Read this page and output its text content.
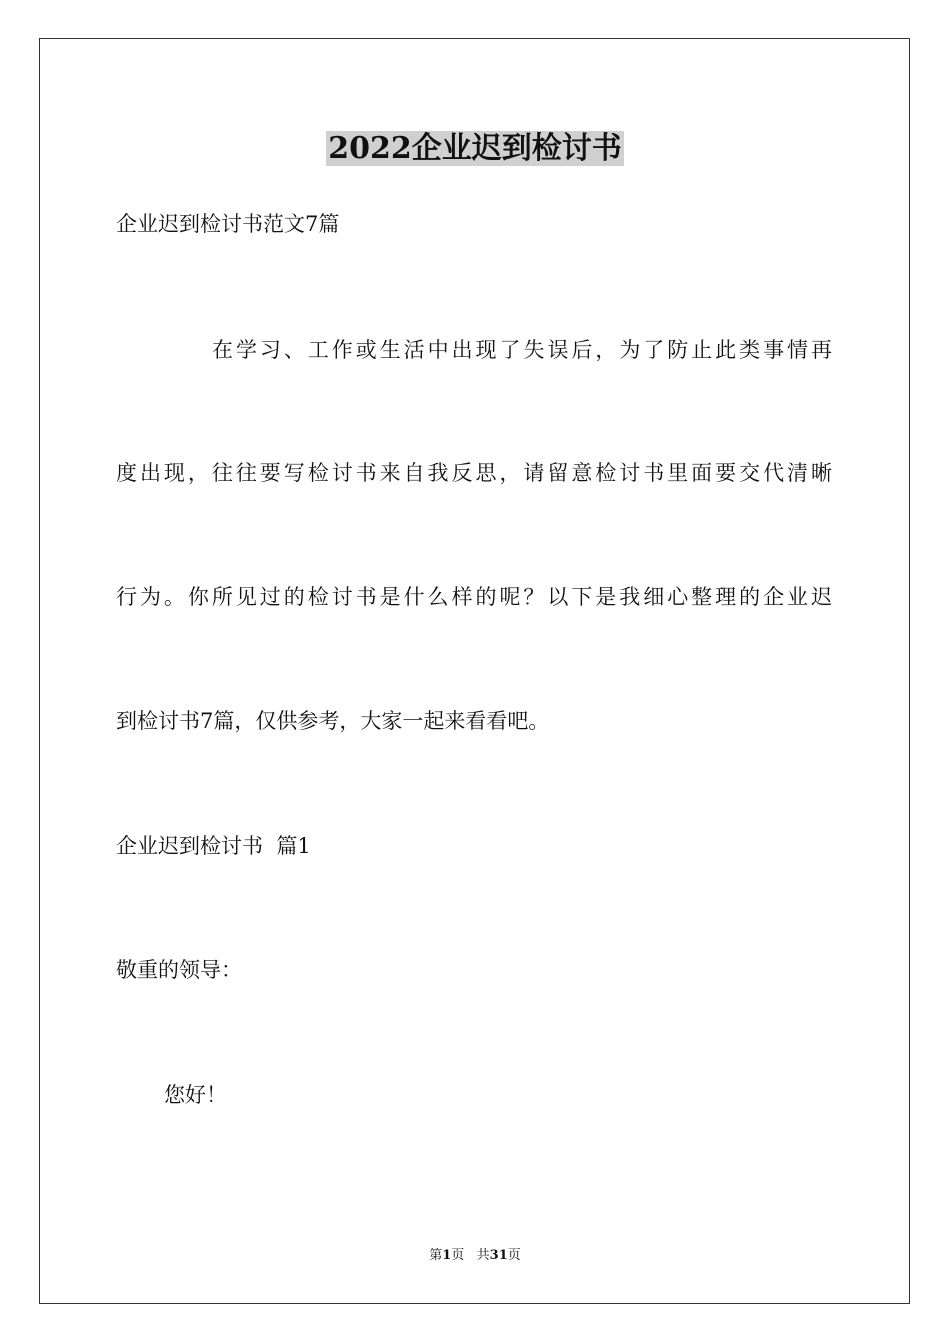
2022企业迟到检讨书
企业迟到检讨书范文7篇
在学习、工作或生活中出现了失误后，为了防止此类事情再
度出现，往往要写检讨书来自我反思，请留意检讨书里面要交代清晰
行为。你所见过的检讨书是什么样的呢？以下是我细心整理的企业迟
到检讨书7篇，仅供参考，大家一起来看看吧。
企业迟到检讨书  篇1
敬重的领导：
您好！
第1页   共31页
